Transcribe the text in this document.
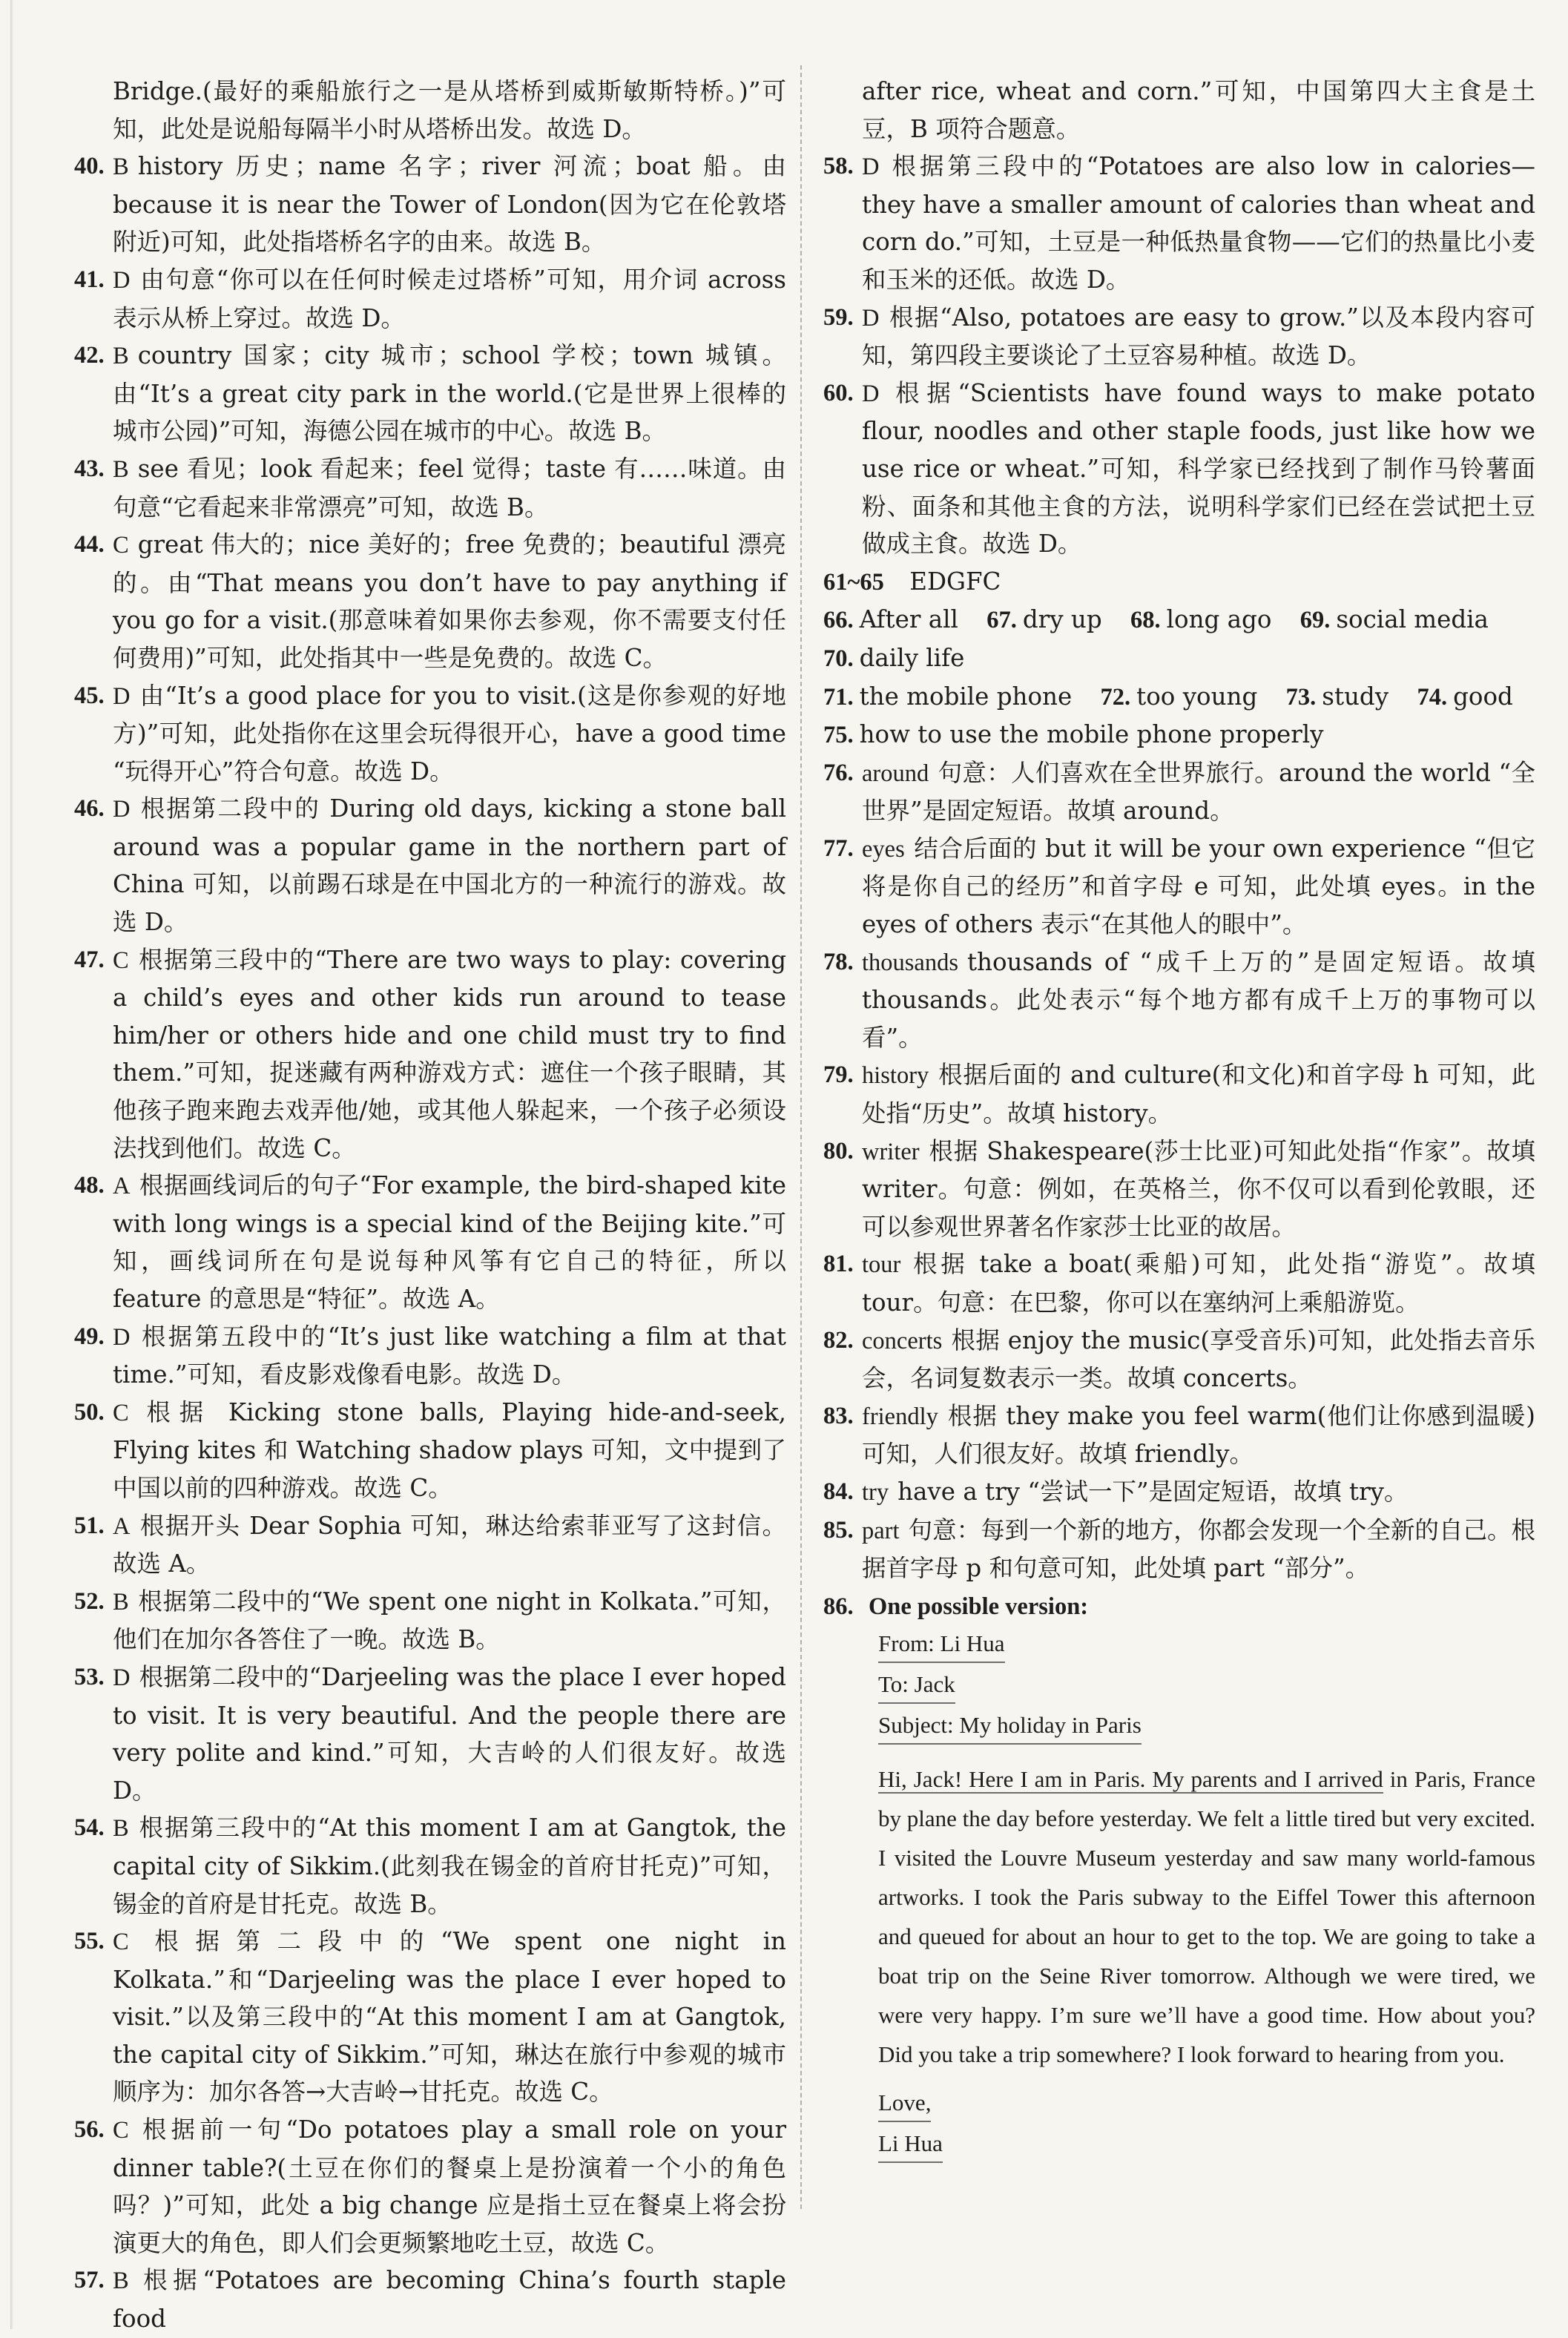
Bridge.(最好的乘船旅行之一是从塔桥到威斯敏斯特桥。)”可知，此处是说船每隔半小时从塔桥出发。故选 D。
40. B history 历史；name 名字；river 河流；boat 船。由 because it is near the Tower of London(因为它在伦敦塔附近)可知，此处指塔桥名字的由来。故选 B。
41. D 由句意“你可以在任何时候走过塔桥”可知，用介词 across 表示从桥上穿过。故选 D。
42. B country 国家；city 城市；school 学校；town 城镇。由“It’s a great city park in the world.(它是世界上很棒的城市公园)”可知，海德公园在城市的中心。故选 B。
43. B see 看见；look 看起来；feel 觉得；taste 有……味道。由句意“它看起来非常漂亮”可知，故选 B。
44. C great 伟大的；nice 美好的；free 免费的；beautiful 漂亮的。由“That means you don’t have to pay anything if you go for a visit.(那意味着如果你去参观，你不需要支付任何费用)”可知，此处指其中一些是免费的。故选 C。
45. D 由“It’s a good place for you to visit.(这是你参观的好地方)”可知，此处指你在这里会玩得很开心，have a good time “玩得开心”符合句意。故选 D。
46. D 根据第二段中的 During old days, kicking a stone ball around was a popular game in the northern part of China 可知，以前踢石球是在中国北方的一种流行的游戏。故选 D。
47. C 根据第三段中的“There are two ways to play: covering a child’s eyes and other kids run around to tease him/her or others hide and one child must try to find them.”可知，捉迷藏有两种游戏方式：遮住一个孩子眼睛，其他孩子跑来跑去戏弄他/她，或其他人躲起来，一个孩子必须设法找到他们。故选 C。
48. A 根据画线词后的句子“For example, the bird-shaped kite with long wings is a special kind of the Beijing kite.”可知，画线词所在句是说每种风筝有它自己的特征，所以 feature 的意思是“特征”。故选 A。
49. D 根据第五段中的“It’s just like watching a film at that time.”可知，看皮影戏像看电影。故选 D。
50. C 根据 Kicking stone balls, Playing hide-and-seek, Flying kites 和 Watching shadow plays 可知，文中提到了中国以前的四种游戏。故选 C。
51. A 根据开头 Dear Sophia 可知，琳达给索菲亚写了这封信。故选 A。
52. B 根据第二段中的“We spent one night in Kolkata.”可知，他们在加尔各答住了一晚。故选 B。
53. D 根据第二段中的“Darjeeling was the place I ever hoped to visit. It is very beautiful. And the people there are very polite and kind.”可知，大吉岭的人们很友好。故选 D。
54. B 根据第三段中的“At this moment I am at Gangtok, the capital city of Sikkim.(此刻我在锡金的首府甘托克)”可知，锡金的首府是甘托克。故选 B。
55. C 根据第二段中的“We spent one night in Kolkata.”和“Darjeeling was the place I ever hoped to visit.”以及第三段中的“At this moment I am at Gangtok, the capital city of Sikkim.”可知，琳达在旅行中参观的城市顺序为：加尔各答→大吉岭→甘托克。故选 C。
56. C 根据前一句“Do potatoes play a small role on your dinner table?(土豆在你们的餐桌上是扮演着一个小的角色吗？)”可知，此处 a big change 应是指土豆在餐桌上将会扮演更大的角色，即人们会更频繁地吃土豆，故选 C。
57. B 根据“Potatoes are becoming China’s fourth staple food
after rice, wheat and corn.”可知，中国第四大主食是土豆，B 项符合题意。
58. D 根据第三段中的“Potatoes are also low in calories—they have a smaller amount of calories than wheat and corn do.”可知，土豆是一种低热量食物——它们的热量比小麦和玉米的还低。故选 D。
59. D 根据“Also, potatoes are easy to grow.”以及本段内容可知，第四段主要谈论了土豆容易种植。故选 D。
60. D 根据“Scientists have found ways to make potato flour, noodles and other staple foods, just like how we use rice or wheat.”可知，科学家已经找到了制作马铃薯面粉、面条和其他主食的方法，说明科学家们已经在尝试把土豆做成主食。故选 D。
61~65 EDGFC
66. After all 67. dry up 68. long ago 69. social media
70. daily life
71. the mobile phone 72. too young 73. study 74. good
75. how to use the mobile phone properly
76. around 句意：人们喜欢在全世界旅行。around the world “全世界”是固定短语。故填 around。
77. eyes 结合后面的 but it will be your own experience “但它将是你自己的经历”和首字母 e 可知，此处填 eyes。in the eyes of others 表示“在其他人的眼中”。
78. thousands thousands of “成千上万的”是固定短语。故填 thousands。此处表示“每个地方都有成千上万的事物可以看”。
79. history 根据后面的 and culture(和文化)和首字母 h 可知，此处指“历史”。故填 history。
80. writer 根据 Shakespeare(莎士比亚)可知此处指“作家”。故填 writer。句意：例如，在英格兰，你不仅可以看到伦敦眼，还可以参观世界著名作家莎士比亚的故居。
81. tour 根据 take a boat(乘船)可知，此处指“游览”。故填 tour。句意：在巴黎，你可以在塞纳河上乘船游览。
82. concerts 根据 enjoy the music(享受音乐)可知，此处指去音乐会，名词复数表示一类。故填 concerts。
83. friendly 根据 they make you feel warm(他们让你感到温暖)可知，人们很友好。故填 friendly。
84. try have a try “尝试一下”是固定短语，故填 try。
85. part 句意：每到一个新的地方，你都会发现一个全新的自己。根据首字母 p 和句意可知，此处填 part “部分”。
86. One possible version:
From: Li Hua
To: Jack
Subject: My holiday in Paris
Hi, Jack! Here I am in Paris. My parents and I arrived in Paris, France by plane the day before yesterday. We felt a little tired but very excited. I visited the Louvre Museum yesterday and saw many world-famous artworks. I took the Paris subway to the Eiffel Tower this afternoon and queued for about an hour to get to the top. We are going to take a boat trip on the Seine River tomorrow. Although we were tired, we were very happy. I’m sure we’ll have a good time. How about you? Did you take a trip somewhere? I look forward to hearing from you.
Love,
Li Hua
